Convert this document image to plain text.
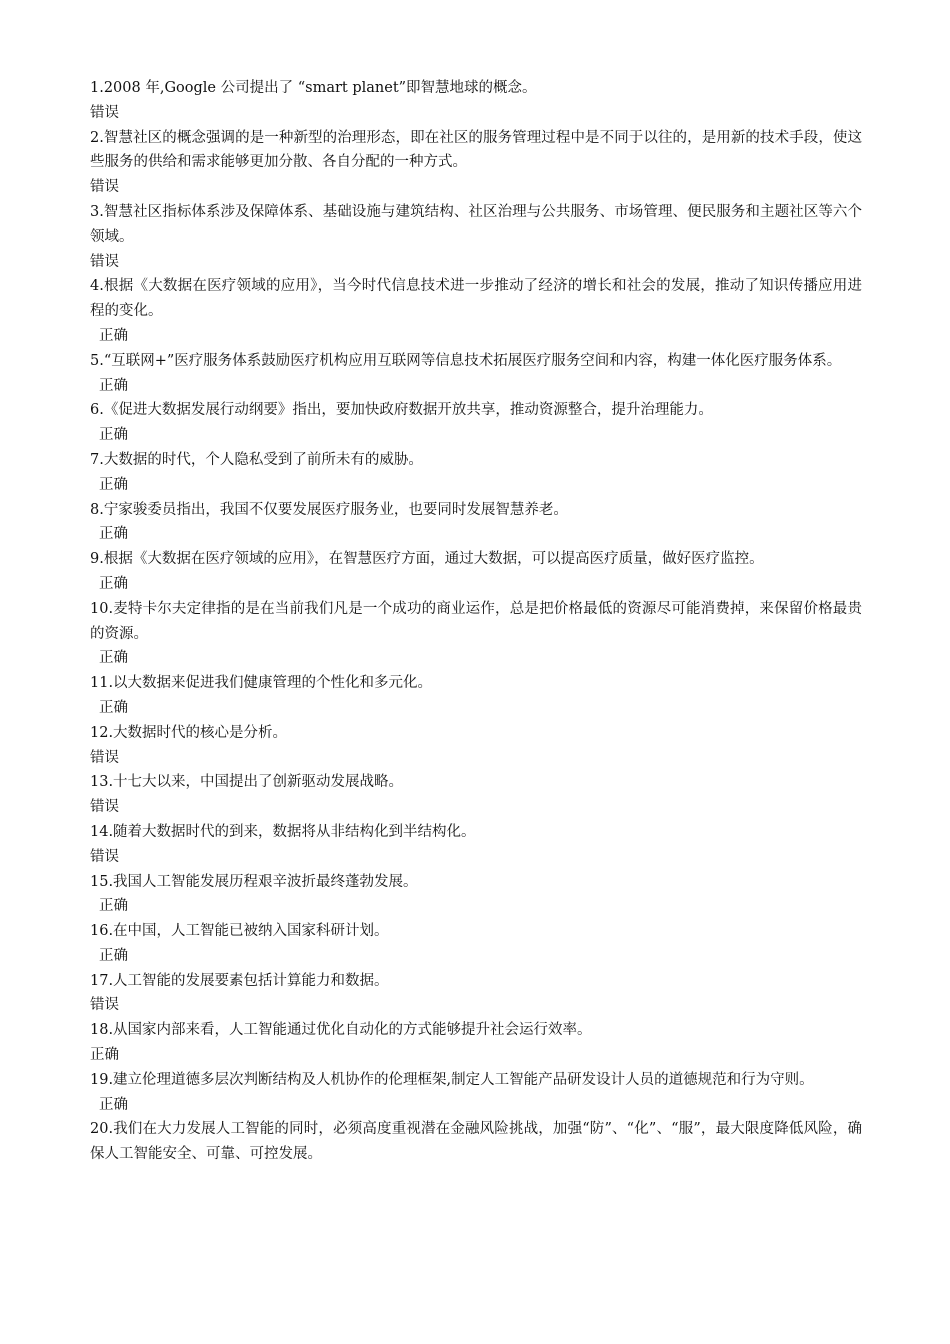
1.2008 年,Google 公司提出了 “smart planet”即智慧地球的概念。

错误

2.智慧社区的概念强调的是一种新型的治理形态，即在社区的服务管理过程中是不同于以往的，是用新的技术手段，使这些服务的供给和需求能够更加分散、各自分配的一种方式。

错误

3.智慧社区指标体系涉及保障体系、基础设施与建筑结构、社区治理与公共服务、市场管理、便民服务和主题社区等六个领域。

错误

4.根据《大数据在医疗领域的应用》，当今时代信息技术进一步推动了经济的增长和社会的发展，推动了知识传播应用进程的变化。

正确

5.“互联网+”医疗服务体系鼓励医疗机构应用互联网等信息技术拓展医疗服务空间和内容，构建一体化医疗服务体系。

正确

6.《促进大数据发展行动纲要》指出，要加快政府数据开放共享，推动资源整合，提升治理能力。

正确

7.大数据的时代，个人隐私受到了前所未有的威胁。

正确

8.宁家骏委员指出，我国不仅要发展医疗服务业，也要同时发展智慧养老。

正确

9.根据《大数据在医疗领域的应用》，在智慧医疗方面，通过大数据，可以提高医疗质量，做好医疗监控。

正确

10.麦特卡尔夫定律指的是在当前我们凡是一个成功的商业运作，总是把价格最低的资源尽可能消费掉，来保留价格最贵的资源。

正确

11.以大数据来促进我们健康管理的个性化和多元化。

正确

12.大数据时代的核心是分析。

错误

13.十七大以来，中国提出了创新驱动发展战略。

错误

14.随着大数据时代的到来，数据将从非结构化到半结构化。

错误

15.我国人工智能发展历程艰辛波折最终蓬勃发展。

正确

16.在中国，人工智能已被纳入国家科研计划。

正确

17.人工智能的发展要素包括计算能力和数据。

错误

18.从国家内部来看，人工智能通过优化自动化的方式能够提升社会运行效率。

正确

19.建立伦理道德多层次判断结构及人机协作的伦理框架,制定人工智能产品研发设计人员的道德规范和行为守则。

正确

20.我们在大力发展人工智能的同时，必须高度重视潜在金融风险挑战，加强“防”、“化”、“服”，最大限度降低风险，确保人工智能安全、可靠、可控发展。
